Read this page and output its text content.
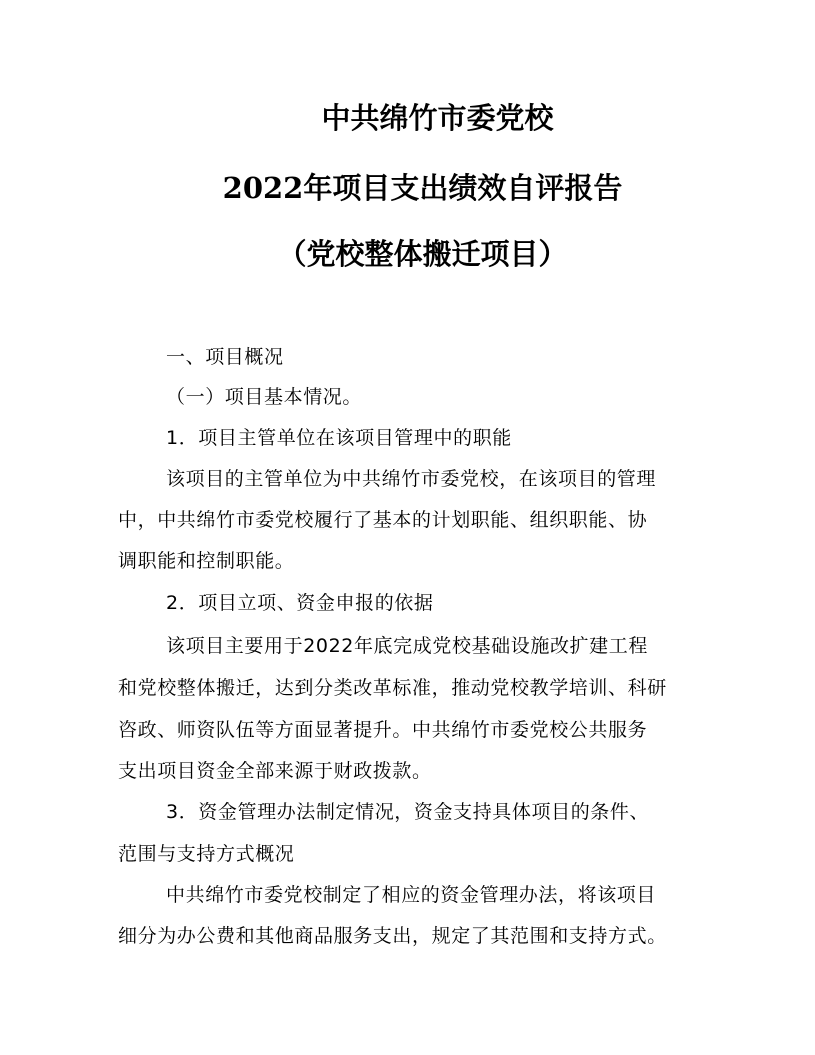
中共绵竹市委党校
2022年项目支出绩效自评报告
（党校整体搬迁项目）
一、项目概况
（一）项目基本情况。
1．项目主管单位在该项目管理中的职能
该项目的主管单位为中共绵竹市委党校，在该项目的管理
中，中共绵竹市委党校履行了基本的计划职能、组织职能、协
调职能和控制职能。
2．项目立项、资金申报的依据
该项目主要用于2022年底完成党校基础设施改扩建工程
和党校整体搬迁，达到分类改革标准，推动党校教学培训、科研
咨政、师资队伍等方面显著提升。中共绵竹市委党校公共服务
支出项目资金全部来源于财政拨款。
3．资金管理办法制定情况，资金支持具体项目的条件、
范围与支持方式概况
中共绵竹市委党校制定了相应的资金管理办法，将该项目
细分为办公费和其他商品服务支出，规定了其范围和支持方式。
